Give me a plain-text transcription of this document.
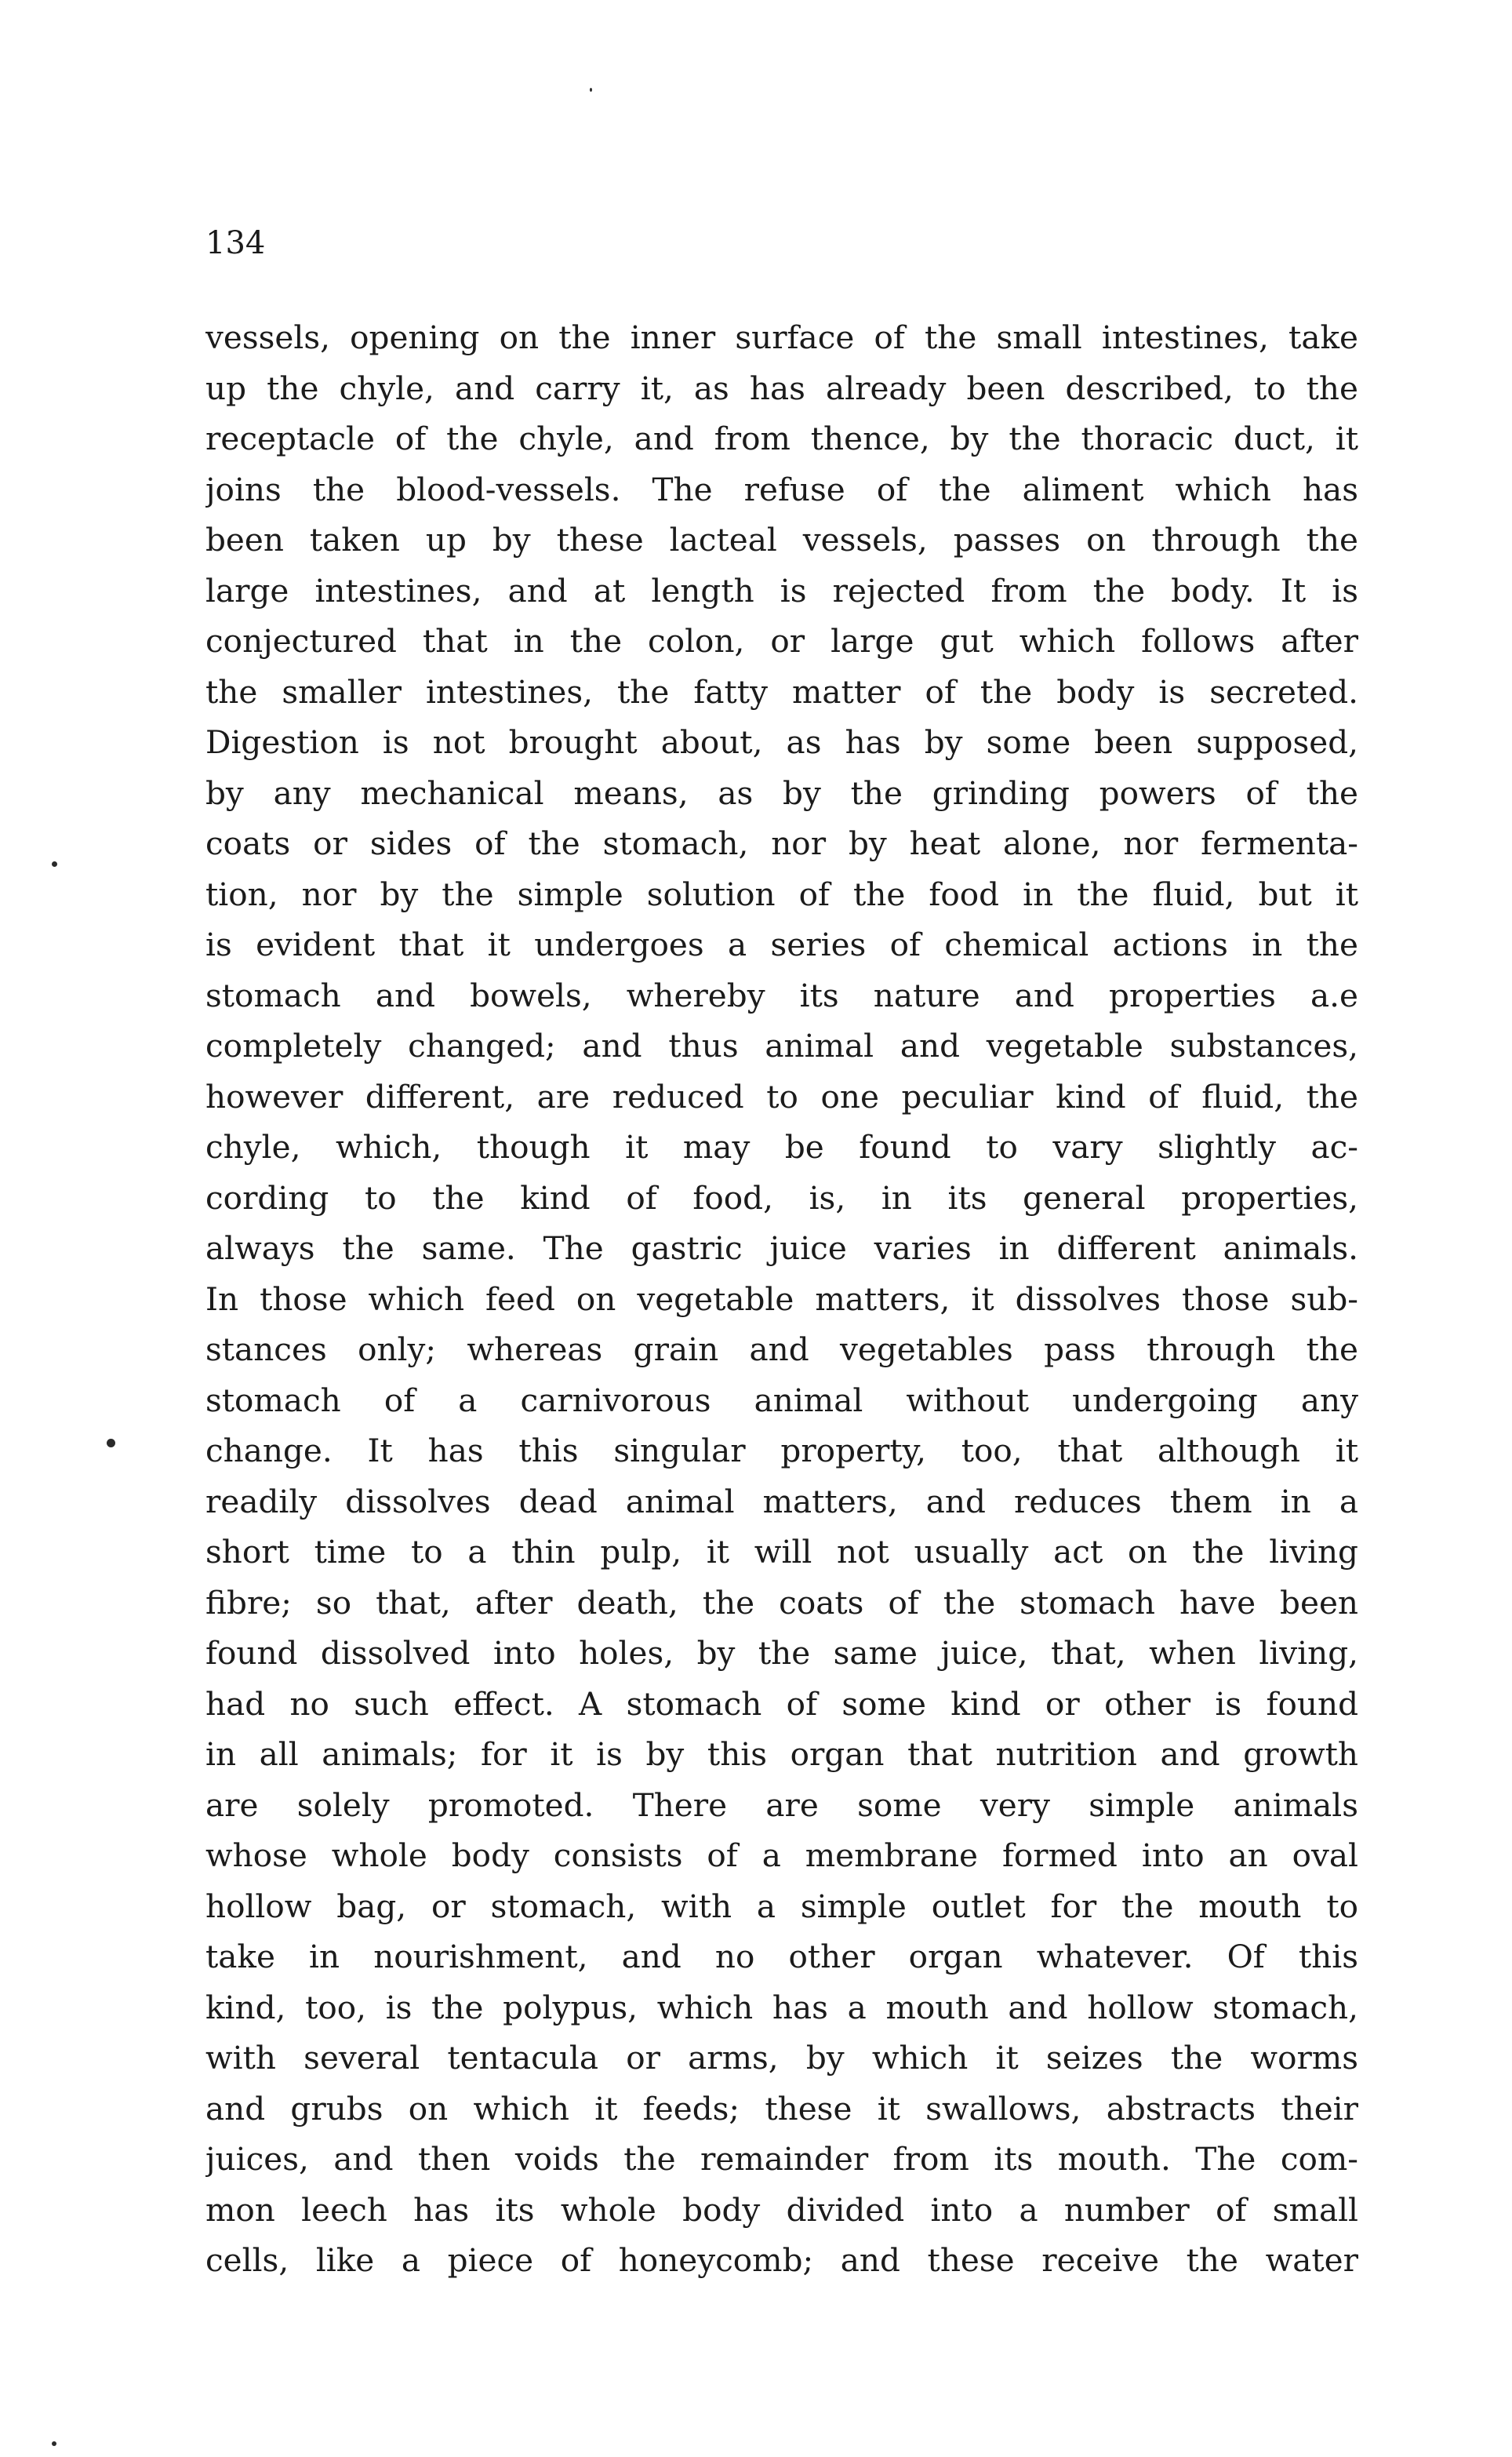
134
vessels, opening on the inner surface of the small intestines, take
up the chyle, and carry it, as has already been described, to the
receptacle of the chyle, and from thence, by the thoracic duct, it
joins the blood-vessels. The refuse of the aliment which has
been taken up by these lacteal vessels, passes on through the
large intestines, and at length is rejected from the body. It is
conjectured that in the colon, or large gut which follows after
the smaller intestines, the fatty matter of the body is secreted.
Digestion is not brought about, as has by some been supposed,
by any mechanical means, as by the grinding powers of the
coats or sides of the stomach, nor by heat alone, nor fermenta-
tion, nor by the simple solution of the food in the fluid, but it
is evident that it undergoes a series of chemical actions in the
stomach and bowels, whereby its nature and properties a.e
completely changed; and thus animal and vegetable substances,
however different, are reduced to one peculiar kind of fluid, the
chyle, which, though it may be found to vary slightly ac-
cording to the kind of food, is, in its general properties,
always the same. The gastric juice varies in different animals.
In those which feed on vegetable matters, it dissolves those sub-
stances only; whereas grain and vegetables pass through the
stomach of a carnivorous animal without undergoing any
change. It has this singular property, too, that although it
readily dissolves dead animal matters, and reduces them in a
short time to a thin pulp, it will not usually act on the living
fibre; so that, after death, the coats of the stomach have been
found dissolved into holes, by the same juice, that, when living,
had no such effect. A stomach of some kind or other is found
in all animals; for it is by this organ that nutrition and growth
are solely promoted. There are some very simple animals
whose whole body consists of a membrane formed into an oval
hollow bag, or stomach, with a simple outlet for the mouth to
take in nourishment, and no other organ whatever. Of this
kind, too, is the polypus, which has a mouth and hollow stomach,
with several tentacula or arms, by which it seizes the worms
and grubs on which it feeds; these it swallows, abstracts their
juices, and then voids the remainder from its mouth. The com-
mon leech has its whole body divided into a number of small
cells, like a piece of honeycomb; and these receive the water
